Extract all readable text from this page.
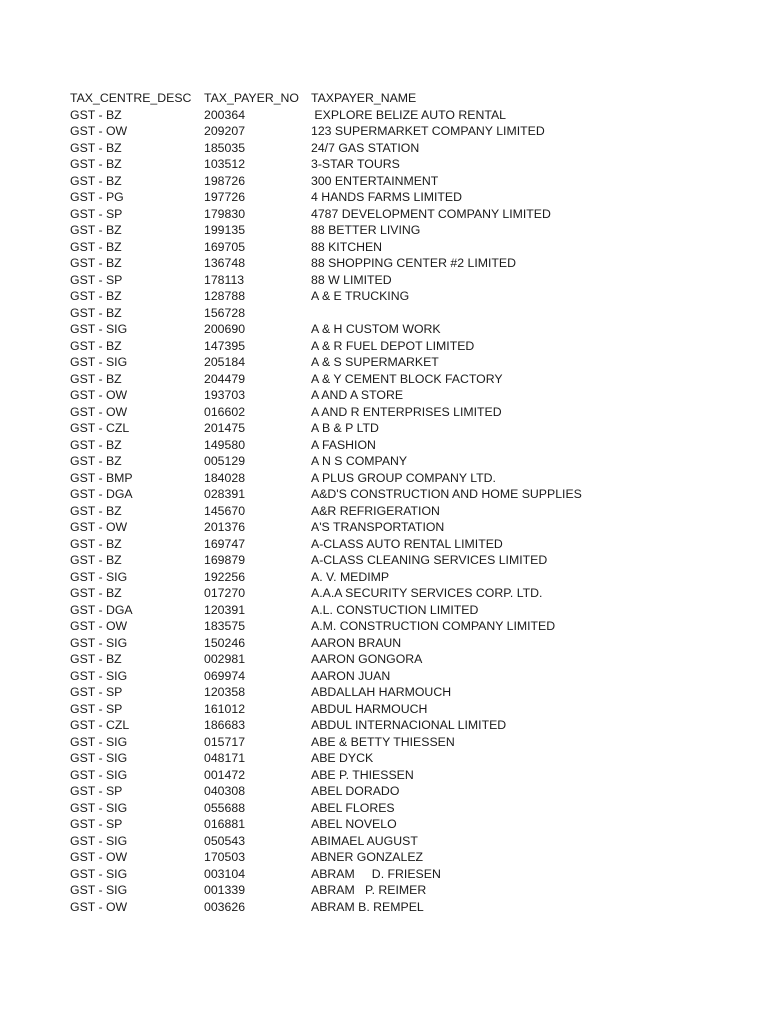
TAX_CENTRE_DESC	TAX_PAYER_NO TAXPAYER_NAME
GST - BZ	200364	EXPLORE BELIZE AUTO RENTAL
GST - OW	209207	123 SUPERMARKET COMPANY LIMITED
GST - BZ	185035	24/7 GAS STATION
GST - BZ	103512	3-STAR TOURS
GST - BZ	198726	300 ENTERTAINMENT
GST - PG	197726	4 HANDS FARMS LIMITED
GST - SP	179830	4787 DEVELOPMENT COMPANY LIMITED
GST - BZ	199135	88 BETTER LIVING
GST - BZ	169705	88 KITCHEN
GST - BZ	136748	88 SHOPPING CENTER #2 LIMITED
GST - SP	178113	88 W LIMITED
GST - BZ	128788	A & E TRUCKING
GST - BZ	156728
GST - SIG	200690	A & H CUSTOM WORK
GST - BZ	147395	A & R FUEL DEPOT LIMITED
GST - SIG	205184	A & S SUPERMARKET
GST - BZ	204479	A & Y CEMENT BLOCK FACTORY
GST - OW	193703	A AND A STORE
GST - OW	016602	A AND R ENTERPRISES LIMITED
GST - CZL	201475	A B & P LTD
GST - BZ	149580	A FASHION
GST - BZ	005129	A N S COMPANY
GST - BMP	184028	A PLUS GROUP COMPANY LTD.
GST - DGA	028391	A&D'S CONSTRUCTION AND HOME SUPPLIES
GST - BZ	145670	A&R REFRIGERATION
GST - OW	201376	A'S TRANSPORTATION
GST - BZ	169747	A-CLASS AUTO RENTAL LIMITED
GST - BZ	169879	A-CLASS CLEANING SERVICES LIMITED
GST - SIG	192256	A. V. MEDIMP
GST - BZ	017270	A.A.A SECURITY SERVICES CORP. LTD.
GST - DGA	120391	A.L. CONSTUCTION LIMITED
GST - OW	183575	A.M. CONSTRUCTION COMPANY LIMITED
GST - SIG	150246	AARON BRAUN
GST - BZ	002981	AARON GONGORA
GST - SIG	069974	AARON JUAN
GST - SP	120358	ABDALLAH HARMOUCH
GST - SP	161012	ABDUL HARMOUCH
GST - CZL	186683	ABDUL INTERNACIONAL LIMITED
GST - SIG	015717	ABE & BETTY THIESSEN
GST - SIG	048171	ABE DYCK
GST - SIG	001472	ABE P. THIESSEN
GST - SP	040308	ABEL DORADO
GST - SIG	055688	ABEL FLORES
GST - SP	016881	ABEL NOVELO
GST - SIG	050543	ABIMAEL AUGUST
GST - OW	170503	ABNER GONZALEZ
GST - SIG	003104	ABRAM     D. FRIESEN
GST - SIG	001339	ABRAM   P. REIMER
GST - OW	003626	ABRAM B. REMPEL
